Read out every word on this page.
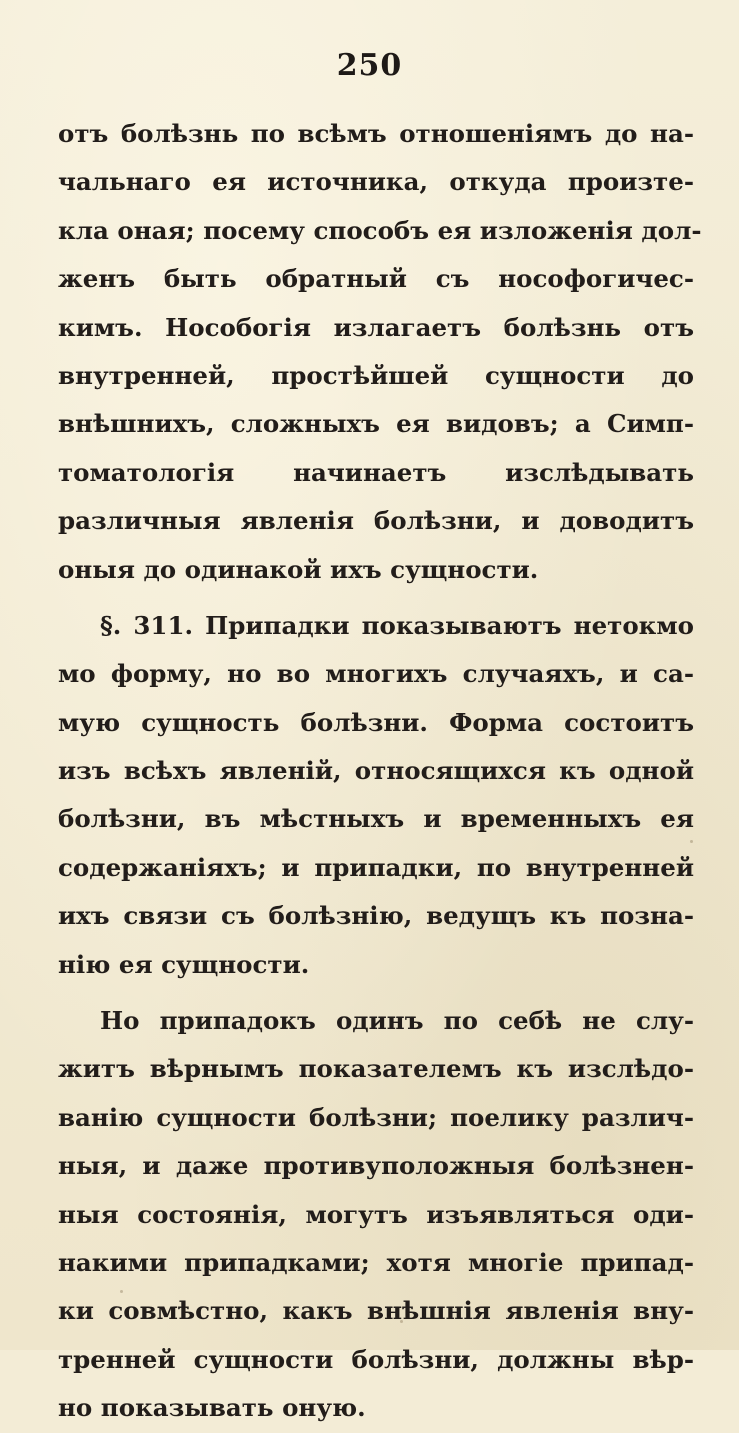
250
отъ болѣзнь по всѣмъ отношеніямъ до на-
чальнаго ея источника, откуда произте-
кла оная; посему способъ ея изложенія дол-
женъ быть обратный съ нософогичес-
кимъ. Нособогія излагаетъ болѣзнь отъ
внутренней, простѣйшей сущности до
внѣшнихъ, сложныхъ ея видовъ; а Симп-
томатологія начинаетъ изслѣдывать
различныя явленія болѣзни, и доводитъ
оныя до одинакой ихъ сущности.
§. 311. Припадки показываютъ нетокмо
мо форму, но во многихъ случаяхъ, и са-
мую сущность болѣзни. Форма состоитъ
изъ всѣхъ явленій, относящихся къ одной
болѣзни, въ мѣстныхъ и временныхъ ея
содержаніяхъ; и припадки, по внутренней
ихъ связи съ болѣзнію, ведущъ къ позна-
нію ея сущности.
Но припадокъ одинъ по себѣ не слу-
житъ вѣрнымъ показателемъ къ изслѣдо-
ванію сущности болѣзни; поелику различ-
ныя, и даже противуположныя болѣзнен-
ныя состоянія, могутъ изъявляться оди-
накими припадками; хотя многіе припад-
ки совмѣстно, какъ внѣшнія явленія вну-
тренней сущности болѣзни, должны вѣр-
но показывать оную.
